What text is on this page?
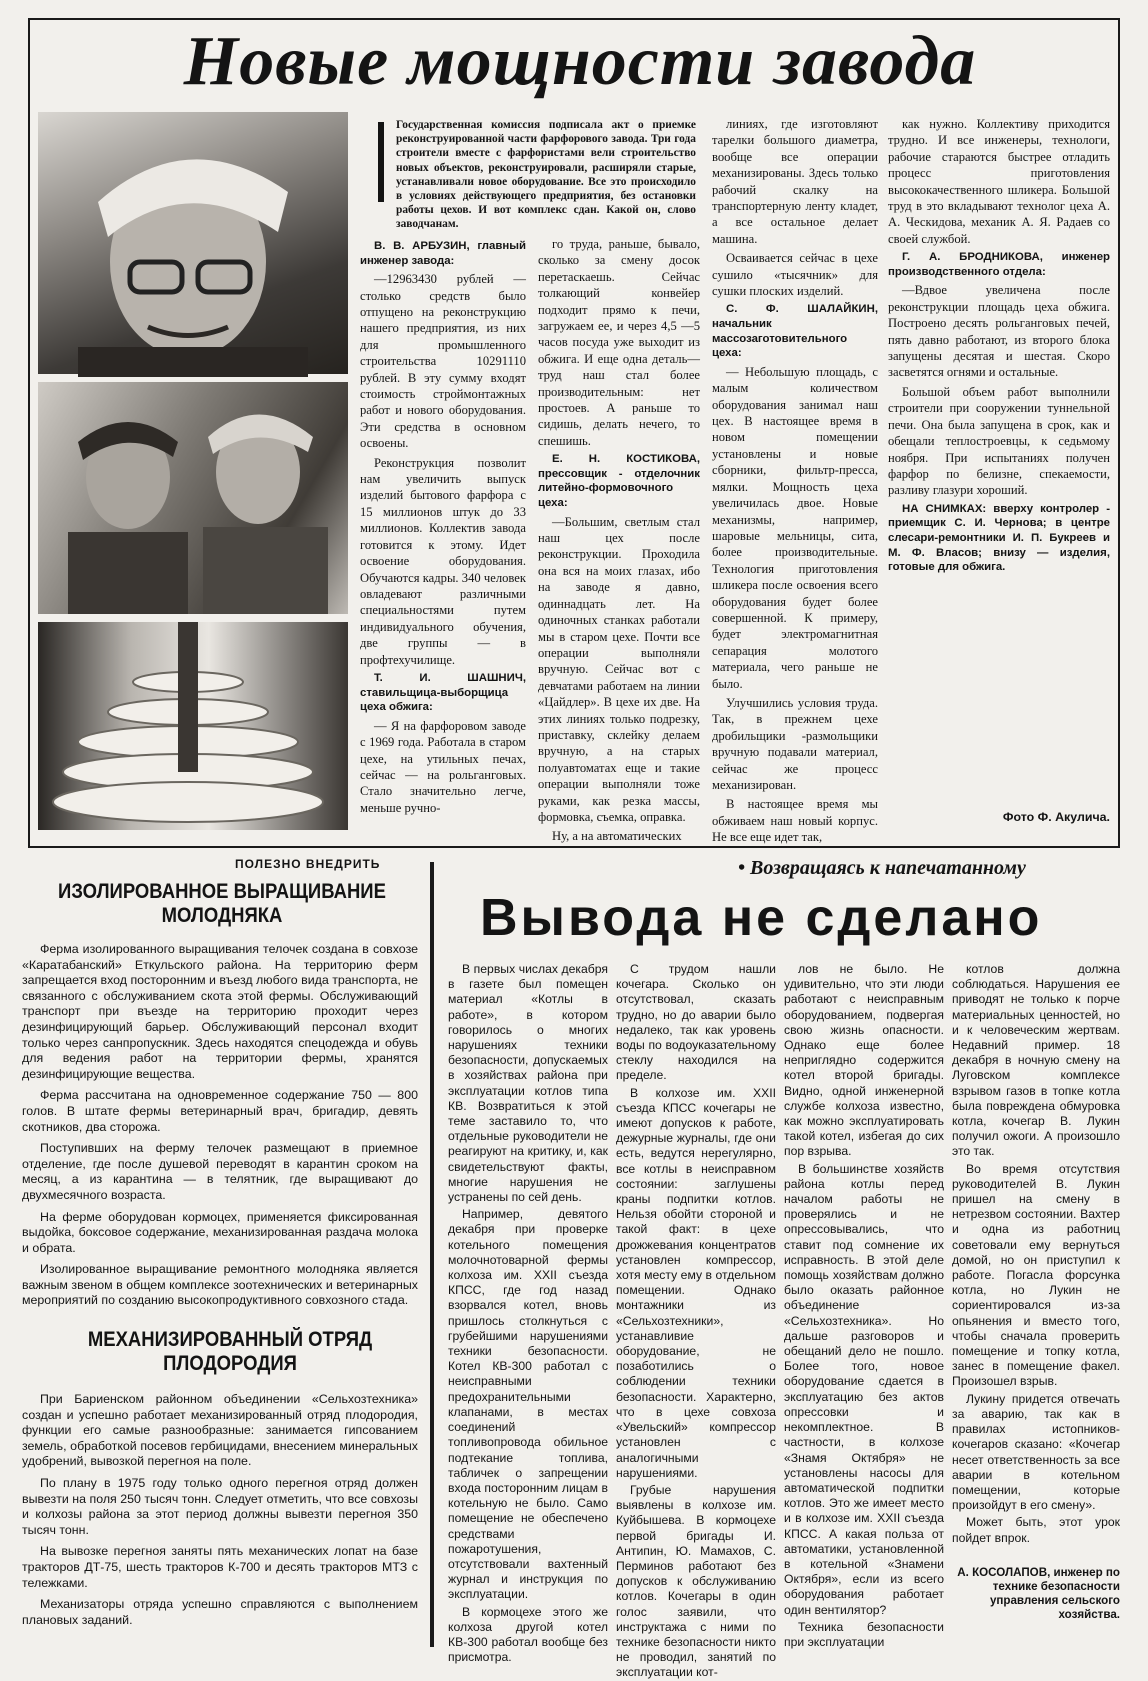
Новые мощности завода

Государственная комиссия подписала акт о приемке реконструированной части фарфорового завода. Три года строители вместе с фарфористами вели строительство новых объектов, реконструировали, расширяли старые, устанавливали новое оборудование. Все это происходило в условиях действующего предприятия, без остановки работы цехов. И вот комплекс сдан. Какой он, слово заводчанам.

В. В. АРБУЗИН, главный инженер завода:

—12963430 рублей — столько средств было отпущено на реконструкцию нашего предприятия, из них для промышленного строительства 10291110 рублей. В эту сумму входят стоимость строймонтажных работ и нового оборудования. Эти средства в основном освоены.

Реконструкция позволит нам увеличить выпуск изделий бытового фарфора с 15 миллионов штук до 33 миллионов. Коллектив завода готовится к этому. Идет освоение оборудования. Обучаются кадры. 340 человек овладевают различными специальностями путем индивидуального обучения, две группы — в профтехучилище.

Т. И. ШАШНИЧ, ставильщица-выборщица цеха обжига:

— Я на фарфоровом заводе с 1969 года. Работала в старом цехе, на утильных печах, сейчас — на рольганговых. Стало значительно легче, меньше ручно-

го труда, раньше, бывало, сколько за смену досок перетаскаешь. Сейчас толкающий конвейер подходит прямо к печи, загружаем ее, и через 4,5 —5 часов посуда уже выходит из обжига. И еще одна деталь— труд наш стал более производительным: нет простоев. А раньше то сидишь, делать нечего, то спешишь.

Е. Н. КОСТИКОВА, прессовщик - отделочник литейно-формовочного цеха:

—Большим, светлым стал наш цех после реконструкции. Проходила она вся на моих глазах, ибо на заводе я давно, одиннадцать лет. На одиночных станках работали мы в старом цехе. Почти все операции выполняли вручную. Сейчас вот с девчатами работаем на линии «Цайдлер». В цехе их две. На этих линиях только подрезку, приставку, склейку делаем вручную, а на старых полуавтоматах еще и такие операции выполняли тоже руками, как резка массы, формовка, съемка, оправка.

Ну, а на автоматических

линиях, где изготовляют тарелки большого диаметра, вообще все операции механизированы. Здесь только рабочий скалку на транспортерную ленту кладет, а все остальное делает машина.

Осваивается сейчас в цехе сушило «тысячник» для сушки плоских изделий.

С. Ф. ШАЛАЙКИН, начальник массозаготовительного цеха:

— Небольшую площадь, с малым количеством оборудования занимал наш цех. В настоящее время в новом помещении установлены и новые сборники, фильтр-пресса, мялки. Мощность цеха увеличилась двое. Новые механизмы, например, шаровые мельницы, сита, более производительные. Технология приготовления шликера после освоения всего оборудования будет более совершенной. К примеру, будет электромагнитная сепарация молотого материала, чего раньше не было.

Улучшились условия труда. Так, в прежнем цехе дробильщики -размольщики вручную подавали материал, сейчас же процесс механизирован.

В настоящее время мы обживаем наш новый корпус. Не все еще идет так,

как нужно. Коллективу приходится трудно. И все инженеры, технологи, рабочие стараются быстрее отладить процесс приготовления высококачественного шликера. Большой труд в это вкладывают технолог цеха А. А. Ческидова, механик А. Я. Радаев со своей службой.

Г. А. БРОДНИКОВА, инженер производственного отдела:

—Вдвое увеличена после реконструкции площадь цеха обжига. Построено десять рольганговых печей, пять давно работают, из второго блока запущены десятая и шестая. Скоро засветятся огнями и остальные.

Большой объем работ выполнили строители при сооружении туннельной печи. Она была запущена в срок, как и обещали теплостроевцы, к седьмому ноября. При испытаниях получен фарфор по белизне, спекаемости, разливу глазури хороший.

НА СНИМКАХ: вверху контролер - приемщик С. И. Чернова; в центре слесари-ремонтники И. П. Букреев и М. Ф. Власов; внизу — изделия, готовые для обжига.

Фото Ф. Акулича.
ПОЛЕЗНО ВНЕДРИТЬ
ИЗОЛИРОВАННОЕ ВЫРАЩИВАНИЕ МОЛОДНЯКА

Ферма изолированного выращивания телочек создана в совхозе «Каратабанский» Еткульского района. На территорию ферм запрещается вход посторонним и въезд любого вида транспорта, не связанного с обслуживанием скота этой фермы. Обслуживающий транспорт при въезде на территорию проходит через дезинфицирующий барьер. Обслуживающий персонал входит только через санпропускник. Здесь находятся спецодежда и обувь для ведения работ на территории фермы, хранятся дезинфицирующие вещества.

Ферма рассчитана на одновременное содержание 750 — 800 голов. В штате фермы ветеринарный врач, бригадир, девять скотников, два сторожа.

Поступивших на ферму телочек размещают в приемное отделение, где после душевой переводят в карантин сроком на месяц, а из карантина — в телятник, где выращивают до двухмесячного возраста.

На ферме оборудован кормоцех, применяется фиксированная выдойка, боксовое содержание, механизированная раздача молока и обрата.

Изолированное выращивание ремонтного молодняка является важным звеном в общем комплексе зоотехнических и ветеринарных мероприятий по созданию высокопродуктивного совхозного стада.

МЕХАНИЗИРОВАННЫЙ ОТРЯД ПЛОДОРОДИЯ

При Бариенском районном объединении «Сельхозтехника» создан и успешно работает механизированный отряд плодородия, функции его самые разнообразные: занимается гипсованием земель, обработкой посевов гербицидами, внесением минеральных удобрений, вывозкой перегноя на поле.

По плану в 1975 году только одного перегноя отряд должен вывезти на поля 250 тысяч тонн. Следует отметить, что все совхозы и колхозы района за этот период должны вывезти перегноя 350 тысяч тонн.

На вывозке перегноя заняты пять механических лопат на базе тракторов ДТ-75, шесть тракторов К-700 и десять тракторов МТЗ с тележками.

Механизаторы отряда успешно справляются с выполнением плановых заданий.

• Возвращаясь к напечатанному
Вывода не сделано

В первых числах декабря в газете был помещен материал «Котлы в работе», в котором говорилось о многих нарушениях техники безопасности, допускаемых в хозяйствах района при эксплуатации котлов типа КВ. Возвратиться к этой теме заставило то, что отдельные руководители не реагируют на критику, и, как свидетельствуют факты, многие нарушения не устранены по сей день.

Например, девятого декабря при проверке котельного помещения молочнотоварной фермы колхоза им. XXII съезда КПСС, где год назад взорвался котел, вновь пришлось столкнуться с грубейшими нарушениями техники безопасности. Котел КВ-300 работал с неисправными предохранительными клапанами, в местах соединений топливопровода обильное подтекание топлива, табличек о запрещении входа посторонним лицам в котельную не было. Само помещение не обеспечено средствами пожаротушения, отсутствовали вахтенный журнал и инструкция по эксплуатации.

В кормоцехе этого же колхоза другой котел КВ-300 работал вообще без присмотра.

С трудом нашли кочегара. Сколько он отсутствовал, сказать трудно, но до аварии было недалеко, так как уровень воды по водоуказательному стеклу находился на пределе.

В колхозе им. XXII съезда КПСС кочегары не имеют допусков к работе, дежурные журналы, где они есть, ведутся нерегулярно, все котлы в неисправном состоянии: заглушены краны подпитки котлов. Нельзя обойти стороной и такой факт: в цехе дрожжевания концентратов установлен компрессор, хотя месту ему в отдельном помещении. Однако монтажники из «Сельхозтехники», устанавливие оборудование, не позаботились о соблюдении техники безопасности. Характерно, что в цехе совхоза «Увельский» компрессор установлен с аналогичными нарушениями.

Грубые нарушения выявлены в колхозе им. Куйбышева. В кормоцехе первой бригады И. Антипин, Ю. Мамахов, С. Перминов работают без допусков к обслуживанию котлов. Кочегары в один голос заявили, что инструктажа с ними по технике безопасности никто не проводил, занятий по эксплуатации кот-

лов не было. Не удивительно, что эти люди работают с неисправным оборудованием, подвергая свою жизнь опасности. Однако еще более неприглядно содержится котел второй бригады. Видно, одной инженерной службе колхоза известно, как можно эксплуатировать такой котел, избегая до сих пор взрыва.

В большинстве хозяйств района котлы перед началом работы не проверялись и не опрессовывались, что ставит под сомнение их исправность. В этой деле помощь хозяйствам должно было оказать районное объединение «Сельхозтехника». Но дальше разговоров и обещаний дело не пошло. Более того, новое оборудование сдается в эксплуатацию без актов опрессовки и некомплектное. В частности, в колхозе «Знамя Октября» не установлены насосы для автоматической подпитки котлов. Это же имеет место и в колхозе им. XXII съезда КПСС. А какая польза от автоматики, установленной в котельной «Знамени Октября», если из всего оборудования работает один вентилятор?

Техника безопасности при эксплуатации

котлов должна соблюдаться. Нарушения ее приводят не только к порче материальных ценностей, но и к человеческим жертвам. Недавний пример. 18 декабря в ночную смену на Луговском комплексе взрывом газов в топке котла была повреждена обмуровка котла, кочегар В. Лукин получил ожоги. А произошло это так.

Во время отсутствия руководителей В. Лукин пришел на смену в нетрезвом состоянии. Вахтер и одна из работниц советовали ему вернуться домой, но он приступил к работе. Погасла форсунка котла, но Лукин не сориентировался из-за опьянения и вместо того, чтобы сначала проверить помещение и топку котла, занес в помещение факел. Произошел взрыв.

Лукину придется отвечать за аварию, так как в правилах истопников-кочегаров сказано: «Кочегар несет ответственность за все аварии в котельном помещении, которые произойдут в его смену».

Может быть, этот урок пойдет впрок.

А. КОСОЛАПОВ, инженер по технике безопасности управления сельского хозяйства.
